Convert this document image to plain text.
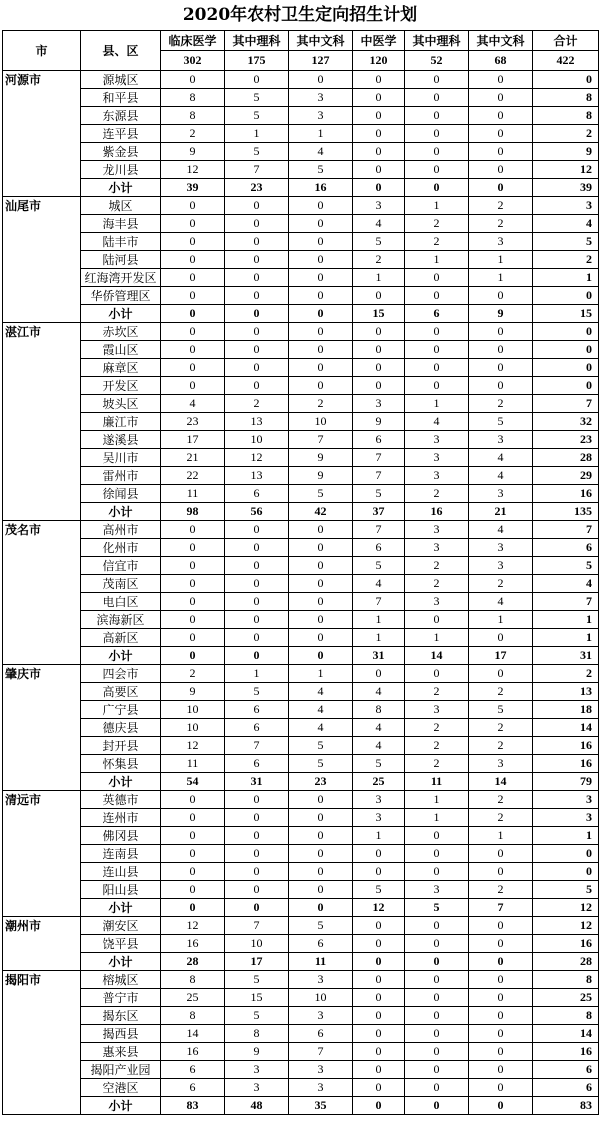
2020年农村卫生定向招生计划
市	县、区	临床医学	其中理科	其中文科	中医学	其中理科	其中文科	合计
		302	175	127	120	52	68	422
河源市	源城区	0	0	0	0	0	0	0
	和平县	8	5	3	0	0	0	8
	东源县	8	5	3	0	0	0	8
	连平县	2	1	1	0	0	0	2
	紫金县	9	5	4	0	0	0	9
	龙川县	12	7	5	0	0	0	12
	小计	39	23	16	0	0	0	39
汕尾市	城区	0	0	0	3	1	2	3
	海丰县	0	0	0	4	2	2	4
	陆丰市	0	0	0	5	2	3	5
	陆河县	0	0	0	2	1	1	2
	红海湾开发区	0	0	0	1	0	1	1
	华侨管理区	0	0	0	0	0	0	0
	小计	0	0	0	15	6	9	15
湛江市	赤坎区	0	0	0	0	0	0	0
	霞山区	0	0	0	0	0	0	0
	麻章区	0	0	0	0	0	0	0
	开发区	0	0	0	0	0	0	0
	坡头区	4	2	2	3	1	2	7
	廉江市	23	13	10	9	4	5	32
	遂溪县	17	10	7	6	3	3	23
	吴川市	21	12	9	7	3	4	28
	雷州市	22	13	9	7	3	4	29
	徐闻县	11	6	5	5	2	3	16
	小计	98	56	42	37	16	21	135
茂名市	高州市	0	0	0	7	3	4	7
	化州市	0	0	0	6	3	3	6
	信宜市	0	0	0	5	2	3	5
	茂南区	0	0	0	4	2	2	4
	电白区	0	0	0	7	3	4	7
	滨海新区	0	0	0	1	0	1	1
	高新区	0	0	0	1	1	0	1
	小计	0	0	0	31	14	17	31
肇庆市	四会市	2	1	1	0	0	0	2
	高要区	9	5	4	4	2	2	13
	广宁县	10	6	4	8	3	5	18
	德庆县	10	6	4	4	2	2	14
	封开县	12	7	5	4	2	2	16
	怀集县	11	6	5	5	2	3	16
	小计	54	31	23	25	11	14	79
清远市	英德市	0	0	0	3	1	2	3
	连州市	0	0	0	3	1	2	3
	佛冈县	0	0	0	1	0	1	1
	连南县	0	0	0	0	0	0	0
	连山县	0	0	0	0	0	0	0
	阳山县	0	0	0	5	3	2	5
	小计	0	0	0	12	5	7	12
潮州市	潮安区	12	7	5	0	0	0	12
	饶平县	16	10	6	0	0	0	16
	小计	28	17	11	0	0	0	28
揭阳市	榕城区	8	5	3	0	0	0	8
	普宁市	25	15	10	0	0	0	25
	揭东区	8	5	3	0	0	0	8
	揭西县	14	8	6	0	0	0	14
	惠来县	16	9	7	0	0	0	16
	揭阳产业园	6	3	3	0	0	0	6
	空港区	6	3	3	0	0	0	6
	小计	83	48	35	0	0	0	83
